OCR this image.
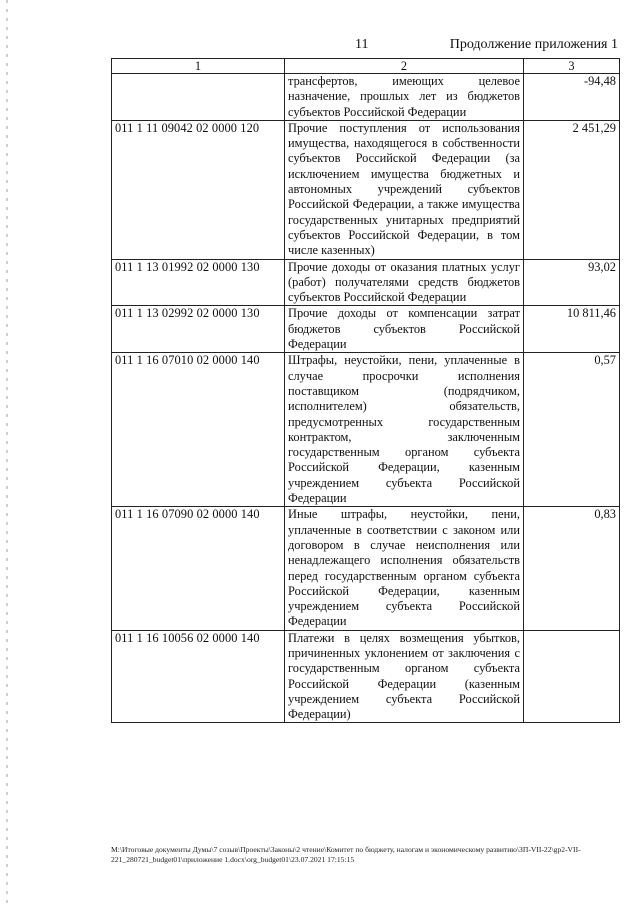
11	Продолжение приложения 1
1	2	3
	трансфертов, имеющих целевое назначение, прошлых лет из бюджетов субъектов Российской Федерации	-94,48
011 1 11 09042 02 0000 120	Прочие поступления от использования имущества, находящегося в собственности субъектов Российской Федерации (за исключением имущества бюджетных и автономных учреждений субъектов Российской Федерации, а также имущества государственных унитарных предприятий субъектов Российской Федерации, в том числе казенных)	2 451,29
011 1 13 01992 02 0000 130	Прочие доходы от оказания платных услуг (работ) получателями средств бюджетов субъектов Российской Федерации	93,02
011 1 13 02992 02 0000 130	Прочие доходы от компенсации затрат бюджетов субъектов Российской Федерации	10 811,46
011 1 16 07010 02 0000 140	Штрафы, неустойки, пени, уплаченные в случае просрочки исполнения поставщиком (подрядчиком, исполнителем) обязательств, предусмотренных государственным контрактом, заключенным государственным органом субъекта Российской Федерации, казенным учреждением субъекта Российской Федерации	0,57
011 1 16 07090 02 0000 140	Иные штрафы, неустойки, пени, уплаченные в соответствии с законом или договором в случае неисполнения или ненадлежащего исполнения обязательств перед государственным органом субъекта Российской Федерации, казенным учреждением субъекта Российской Федерации	0,83
011 1 16 10056 02 0000 140	Платежи в целях возмещения убытков, причиненных уклонением от заключения с государственным органом субъекта Российской Федерации (казенным учреждением субъекта Российской Федерации)	
M:\Итоговые документы Думы\7 созыв\Проекты\Законы\2 чтение\Комитет по бюджету, налогам и экономическому развитию\ЗП-VII-22\gp2-VII-221_280721_budget01\приложение 1.docx\org_budget01\23.07.2021 17:15:15
